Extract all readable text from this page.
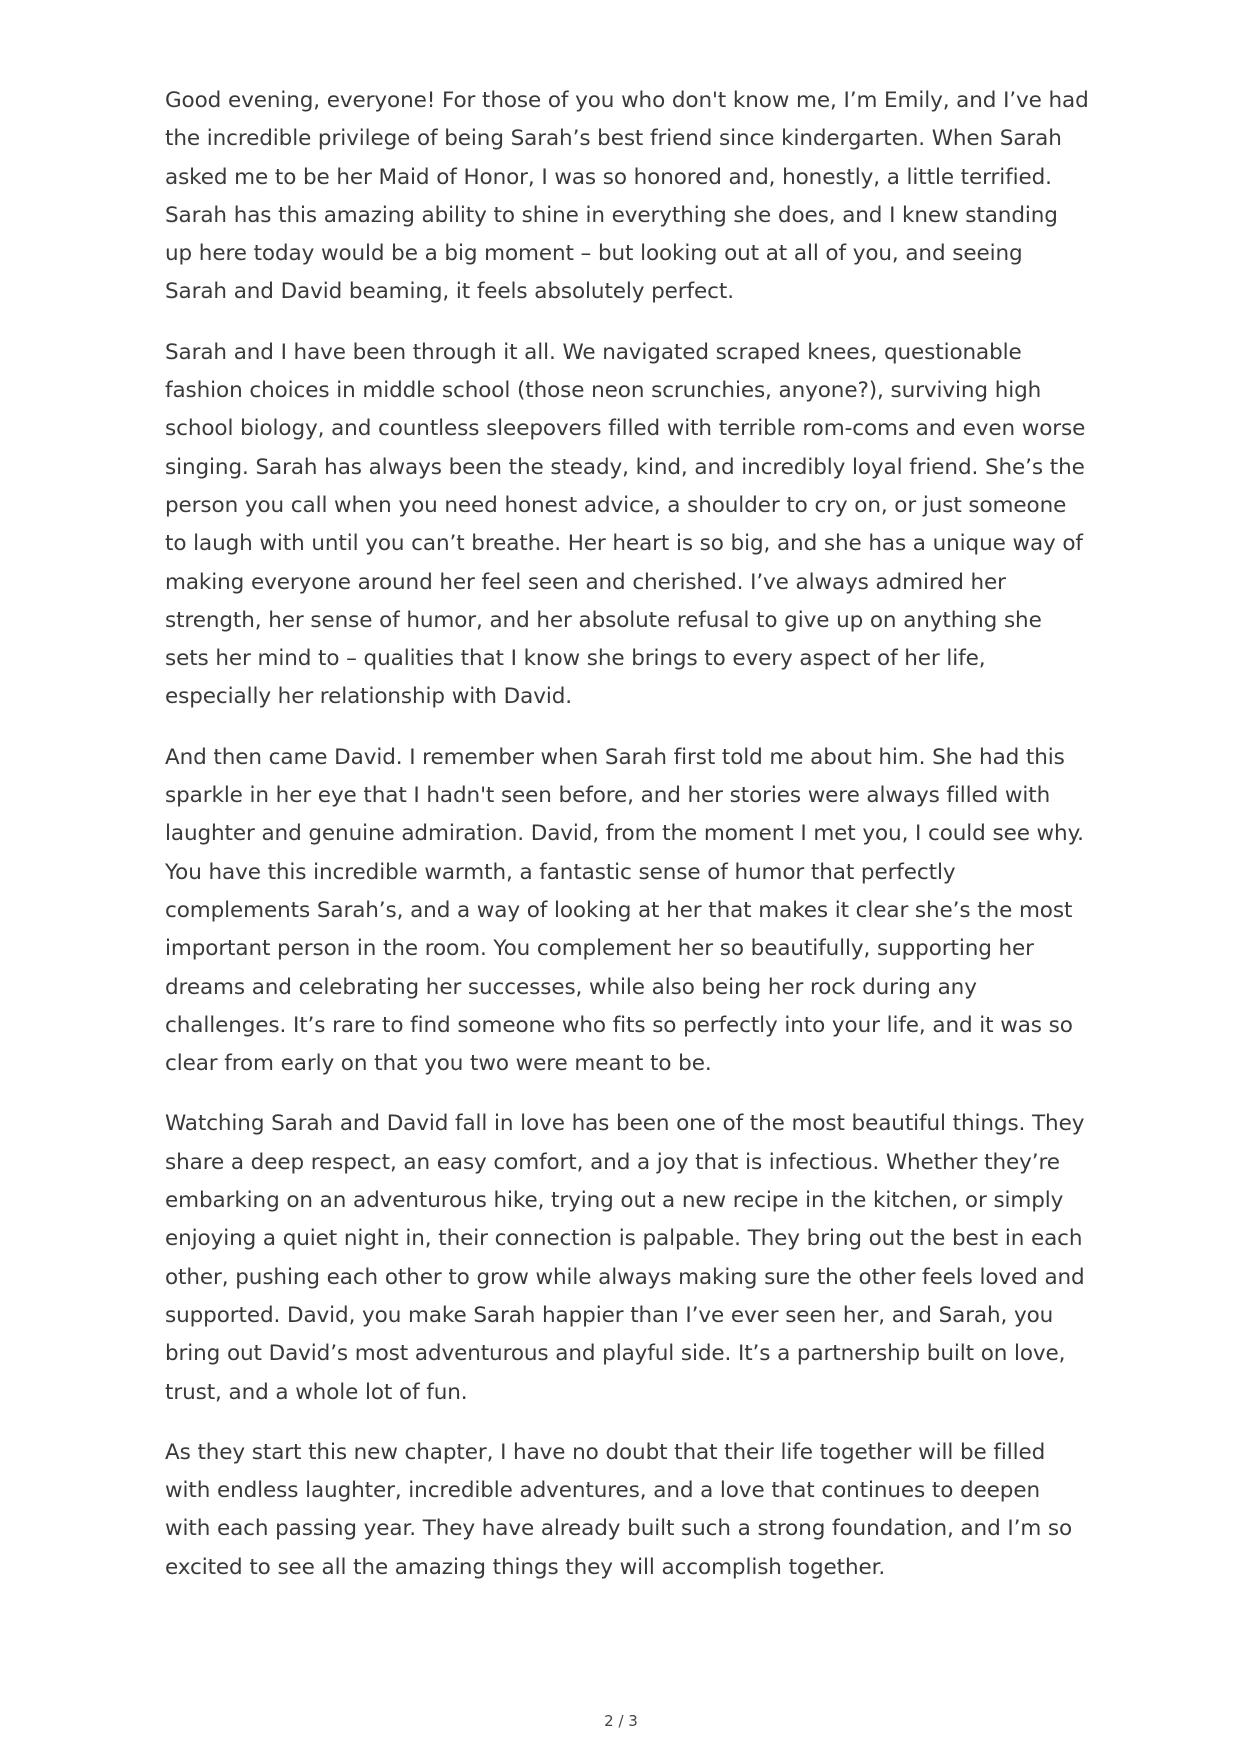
Good evening, everyone! For those of you who don't know me, I’m Emily, and I’ve had the incredible privilege of being Sarah’s best friend since kindergarten. When Sarah asked me to be her Maid of Honor, I was so honored and, honestly, a little terrified. Sarah has this amazing ability to shine in everything she does, and I knew standing up here today would be a big moment – but looking out at all of you, and seeing Sarah and David beaming, it feels absolutely perfect.

Sarah and I have been through it all. We navigated scraped knees, questionable fashion choices in middle school (those neon scrunchies, anyone?), surviving high school biology, and countless sleepovers filled with terrible rom-coms and even worse singing. Sarah has always been the steady, kind, and incredibly loyal friend. She’s the person you call when you need honest advice, a shoulder to cry on, or just someone to laugh with until you can’t breathe. Her heart is so big, and she has a unique way of making everyone around her feel seen and cherished. I’ve always admired her strength, her sense of humor, and her absolute refusal to give up on anything she sets her mind to – qualities that I know she brings to every aspect of her life, especially her relationship with David.

And then came David. I remember when Sarah first told me about him. She had this sparkle in her eye that I hadn't seen before, and her stories were always filled with laughter and genuine admiration. David, from the moment I met you, I could see why. You have this incredible warmth, a fantastic sense of humor that perfectly complements Sarah’s, and a way of looking at her that makes it clear she’s the most important person in the room. You complement her so beautifully, supporting her dreams and celebrating her successes, while also being her rock during any challenges. It’s rare to find someone who fits so perfectly into your life, and it was so clear from early on that you two were meant to be.

Watching Sarah and David fall in love has been one of the most beautiful things. They share a deep respect, an easy comfort, and a joy that is infectious. Whether they’re embarking on an adventurous hike, trying out a new recipe in the kitchen, or simply enjoying a quiet night in, their connection is palpable. They bring out the best in each other, pushing each other to grow while always making sure the other feels loved and supported. David, you make Sarah happier than I’ve ever seen her, and Sarah, you bring out David’s most adventurous and playful side. It’s a partnership built on love, trust, and a whole lot of fun.

As they start this new chapter, I have no doubt that their life together will be filled with endless laughter, incredible adventures, and a love that continues to deepen with each passing year. They have already built such a strong foundation, and I’m so excited to see all the amazing things they will accomplish together.

2 / 3
